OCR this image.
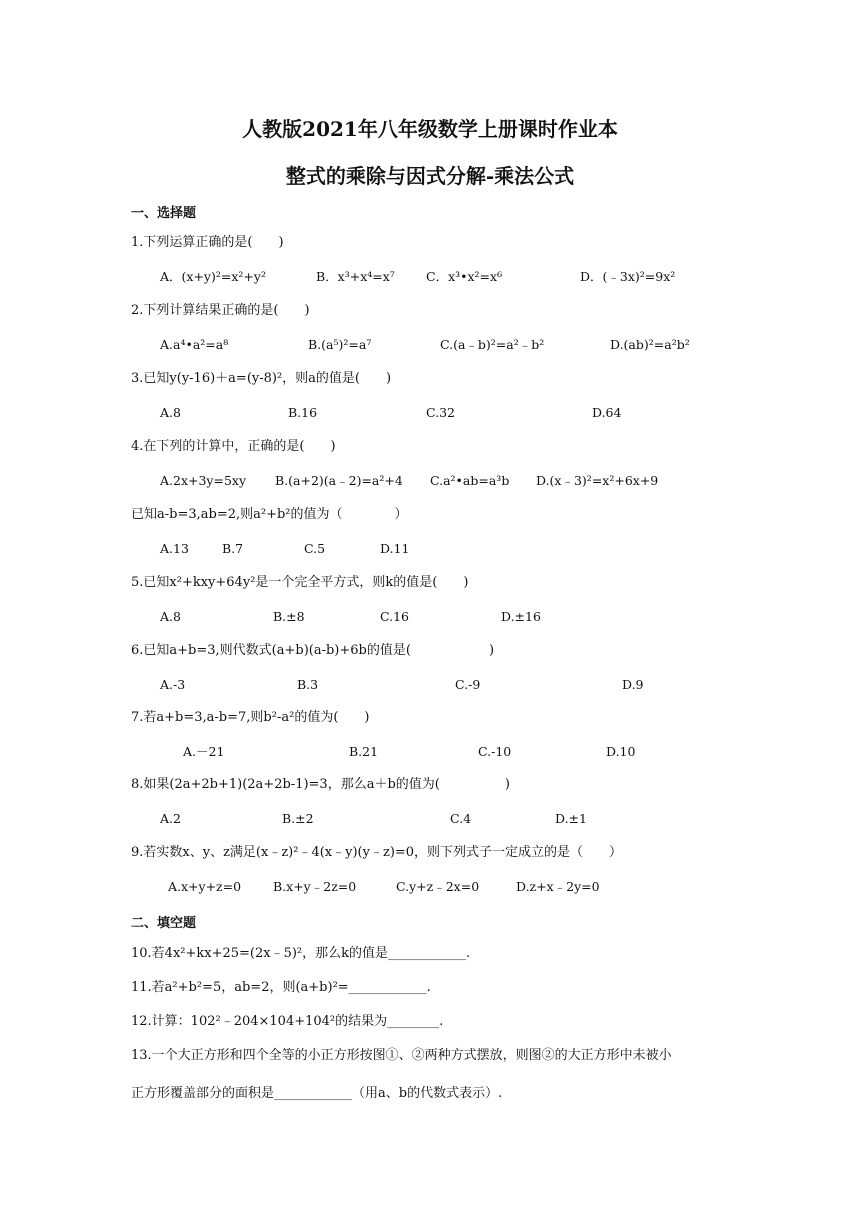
人教版2021年八年级数学上册课时作业本
整式的乘除与因式分解-乘法公式
一、选择题
1.下列运算正确的是(　　)
A．(x+y)²=x²+y²	B．x³+x⁴=x⁷ C．x³•x²=x⁶	D．(﹣3x)²=9x²
2.下列计算结果正确的是(　　)
A.a⁴•a²=a⁸	B.(a⁵)²=a⁷	C.(a﹣b)²=a²﹣b²	D.(ab)²=a²b²
3.已知y(y-16)＋a=(y-8)²，则a的值是(　　)
A.8	B.16	C.32	D.64
4.在下列的计算中，正确的是(　　)
A.2x+3y=5xy B.(a+2)(a﹣2)=a²+4 C.a²•ab=a³b D.(x﹣3)²=x²+6x+9
已知a-b=3,ab=2,则a²+b²的值为（　　　　）
A.13	B.7	C.5	D.11
5.已知x²+kxy+64y²是一个完全平方式，则k的值是(　　)
A.8	B.±8	C.16	D.±16
6.已知a+b=3,则代数式(a+b)(a-b)+6b的值是(　　　　　　)
A.-3	B.3	C.-9	D.9
7.若a+b=3,a-b=7,则b²-a²的值为(　　)
A.－21	B.21	C.-10	D.10
8.如果(2a+2b+1)(2a+2b-1)=3，那么a＋b的值为(　　　　　)
A.2	B.±2	C.4	D.±1
9.若实数x、y、z满足(x﹣z)²﹣4(x﹣y)(y﹣z)=0，则下列式子一定成立的是（　　）
A.x+y+z=0	B.x+y﹣2z=0	C.y+z﹣2x=0	D.z+x﹣2y=0
二、填空题
10.若4x²+kx+25=(2x﹣5)²，那么k的值是____________.
11.若a²+b²=5，ab=2，则(a+b)²=____________.
12.计算：102²﹣204×104+104²的结果为________.
13.一个大正方形和四个全等的小正方形按图①、②两种方式摆放，则图②的大正方形中未被小
正方形覆盖部分的面积是____________（用a、b的代数式表示）.
